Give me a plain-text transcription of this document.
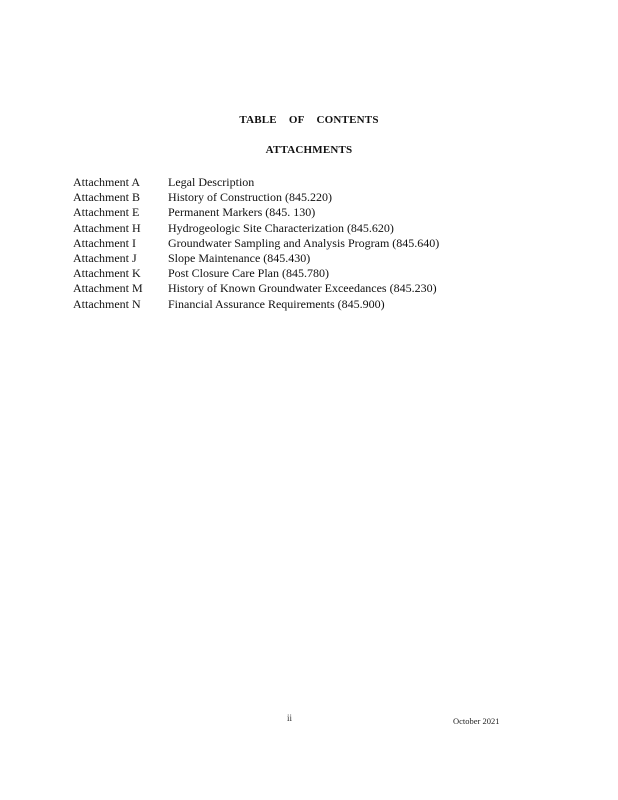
TABLE OF CONTENTS
ATTACHMENTS
Attachment A	Legal Description
Attachment B	History of Construction (845.220)
Attachment E	Permanent Markers (845. 130)
Attachment H	Hydrogeologic Site Characterization (845.620)
Attachment I	Groundwater Sampling and Analysis Program (845.640)
Attachment J	Slope Maintenance (845.430)
Attachment K	Post Closure Care Plan (845.780)
Attachment M	History of Known Groundwater Exceedances (845.230)
Attachment N	Financial Assurance Requirements (845.900)
ii	October 2021
